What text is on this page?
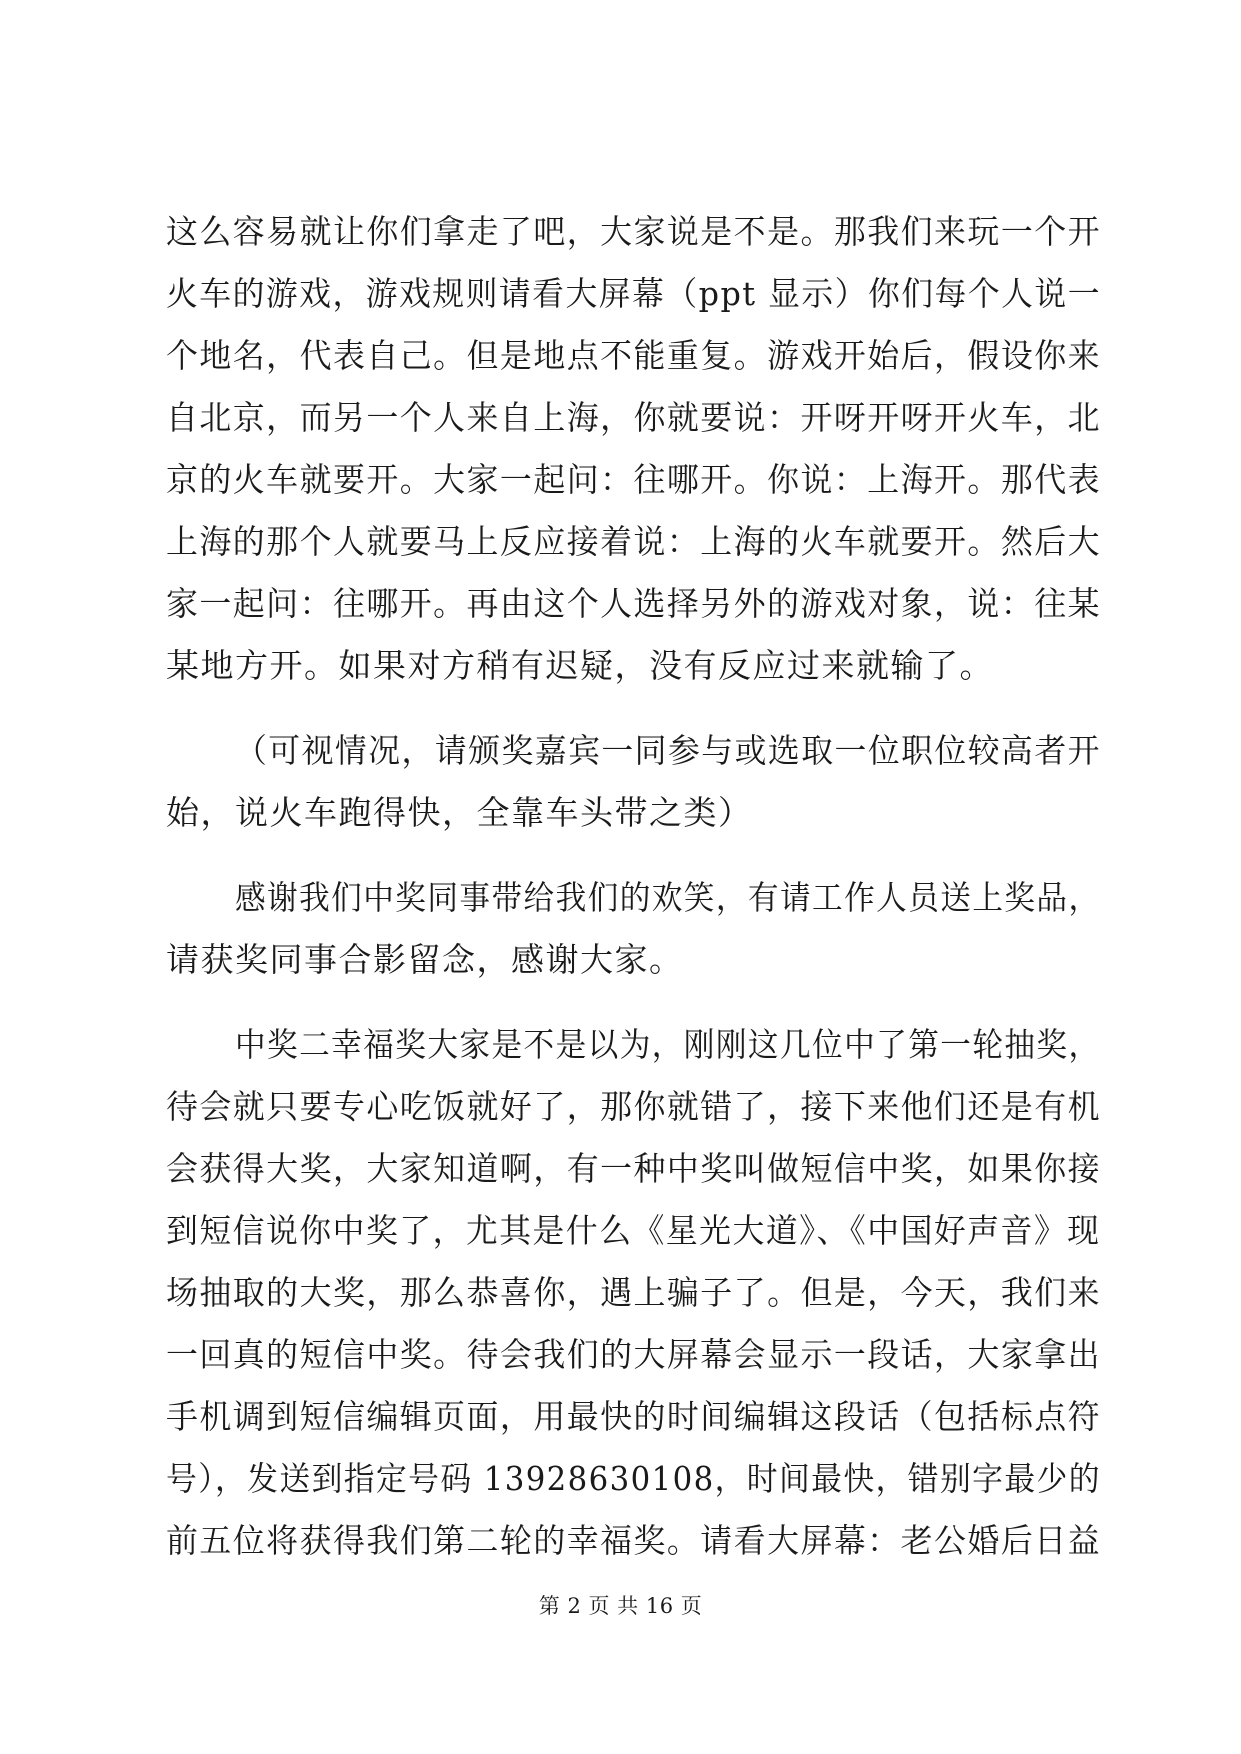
这么容易就让你们拿走了吧，大家说是不是。那我们来玩一个开
火车的游戏，游戏规则请看大屏幕（ppt 显示）你们每个人说一
个地名，代表自己。但是地点不能重复。游戏开始后，假设你来
自北京，而另一个人来自上海，你就要说：开呀开呀开火车，北
京的火车就要开。大家一起问：往哪开。你说：上海开。那代表
上海的那个人就要马上反应接着说：上海的火车就要开。然后大
家一起问：往哪开。再由这个人选择另外的游戏对象，说：往某
某地方开。如果对方稍有迟疑，没有反应过来就输了。
（可视情况，请颁奖嘉宾一同参与或选取一位职位较高者开
始，说火车跑得快，全靠车头带之类）
感谢我们中奖同事带给我们的欢笑，有请工作人员送上奖品，
请获奖同事合影留念，感谢大家。
中奖二幸福奖大家是不是以为，刚刚这几位中了第一轮抽奖，
待会就只要专心吃饭就好了，那你就错了，接下来他们还是有机
会获得大奖，大家知道啊，有一种中奖叫做短信中奖，如果你接
到短信说你中奖了，尤其是什么《星光大道》、《中国好声音》现
场抽取的大奖，那么恭喜你，遇上骗子了。但是，今天，我们来
一回真的短信中奖。待会我们的大屏幕会显示一段话，大家拿出
手机调到短信编辑页面，用最快的时间编辑这段话（包括标点符
号），发送到指定号码 13928630108，时间最快，错别字最少的
前五位将获得我们第二轮的幸福奖。请看大屏幕：老公婚后日益
第 2 页 共 16 页
